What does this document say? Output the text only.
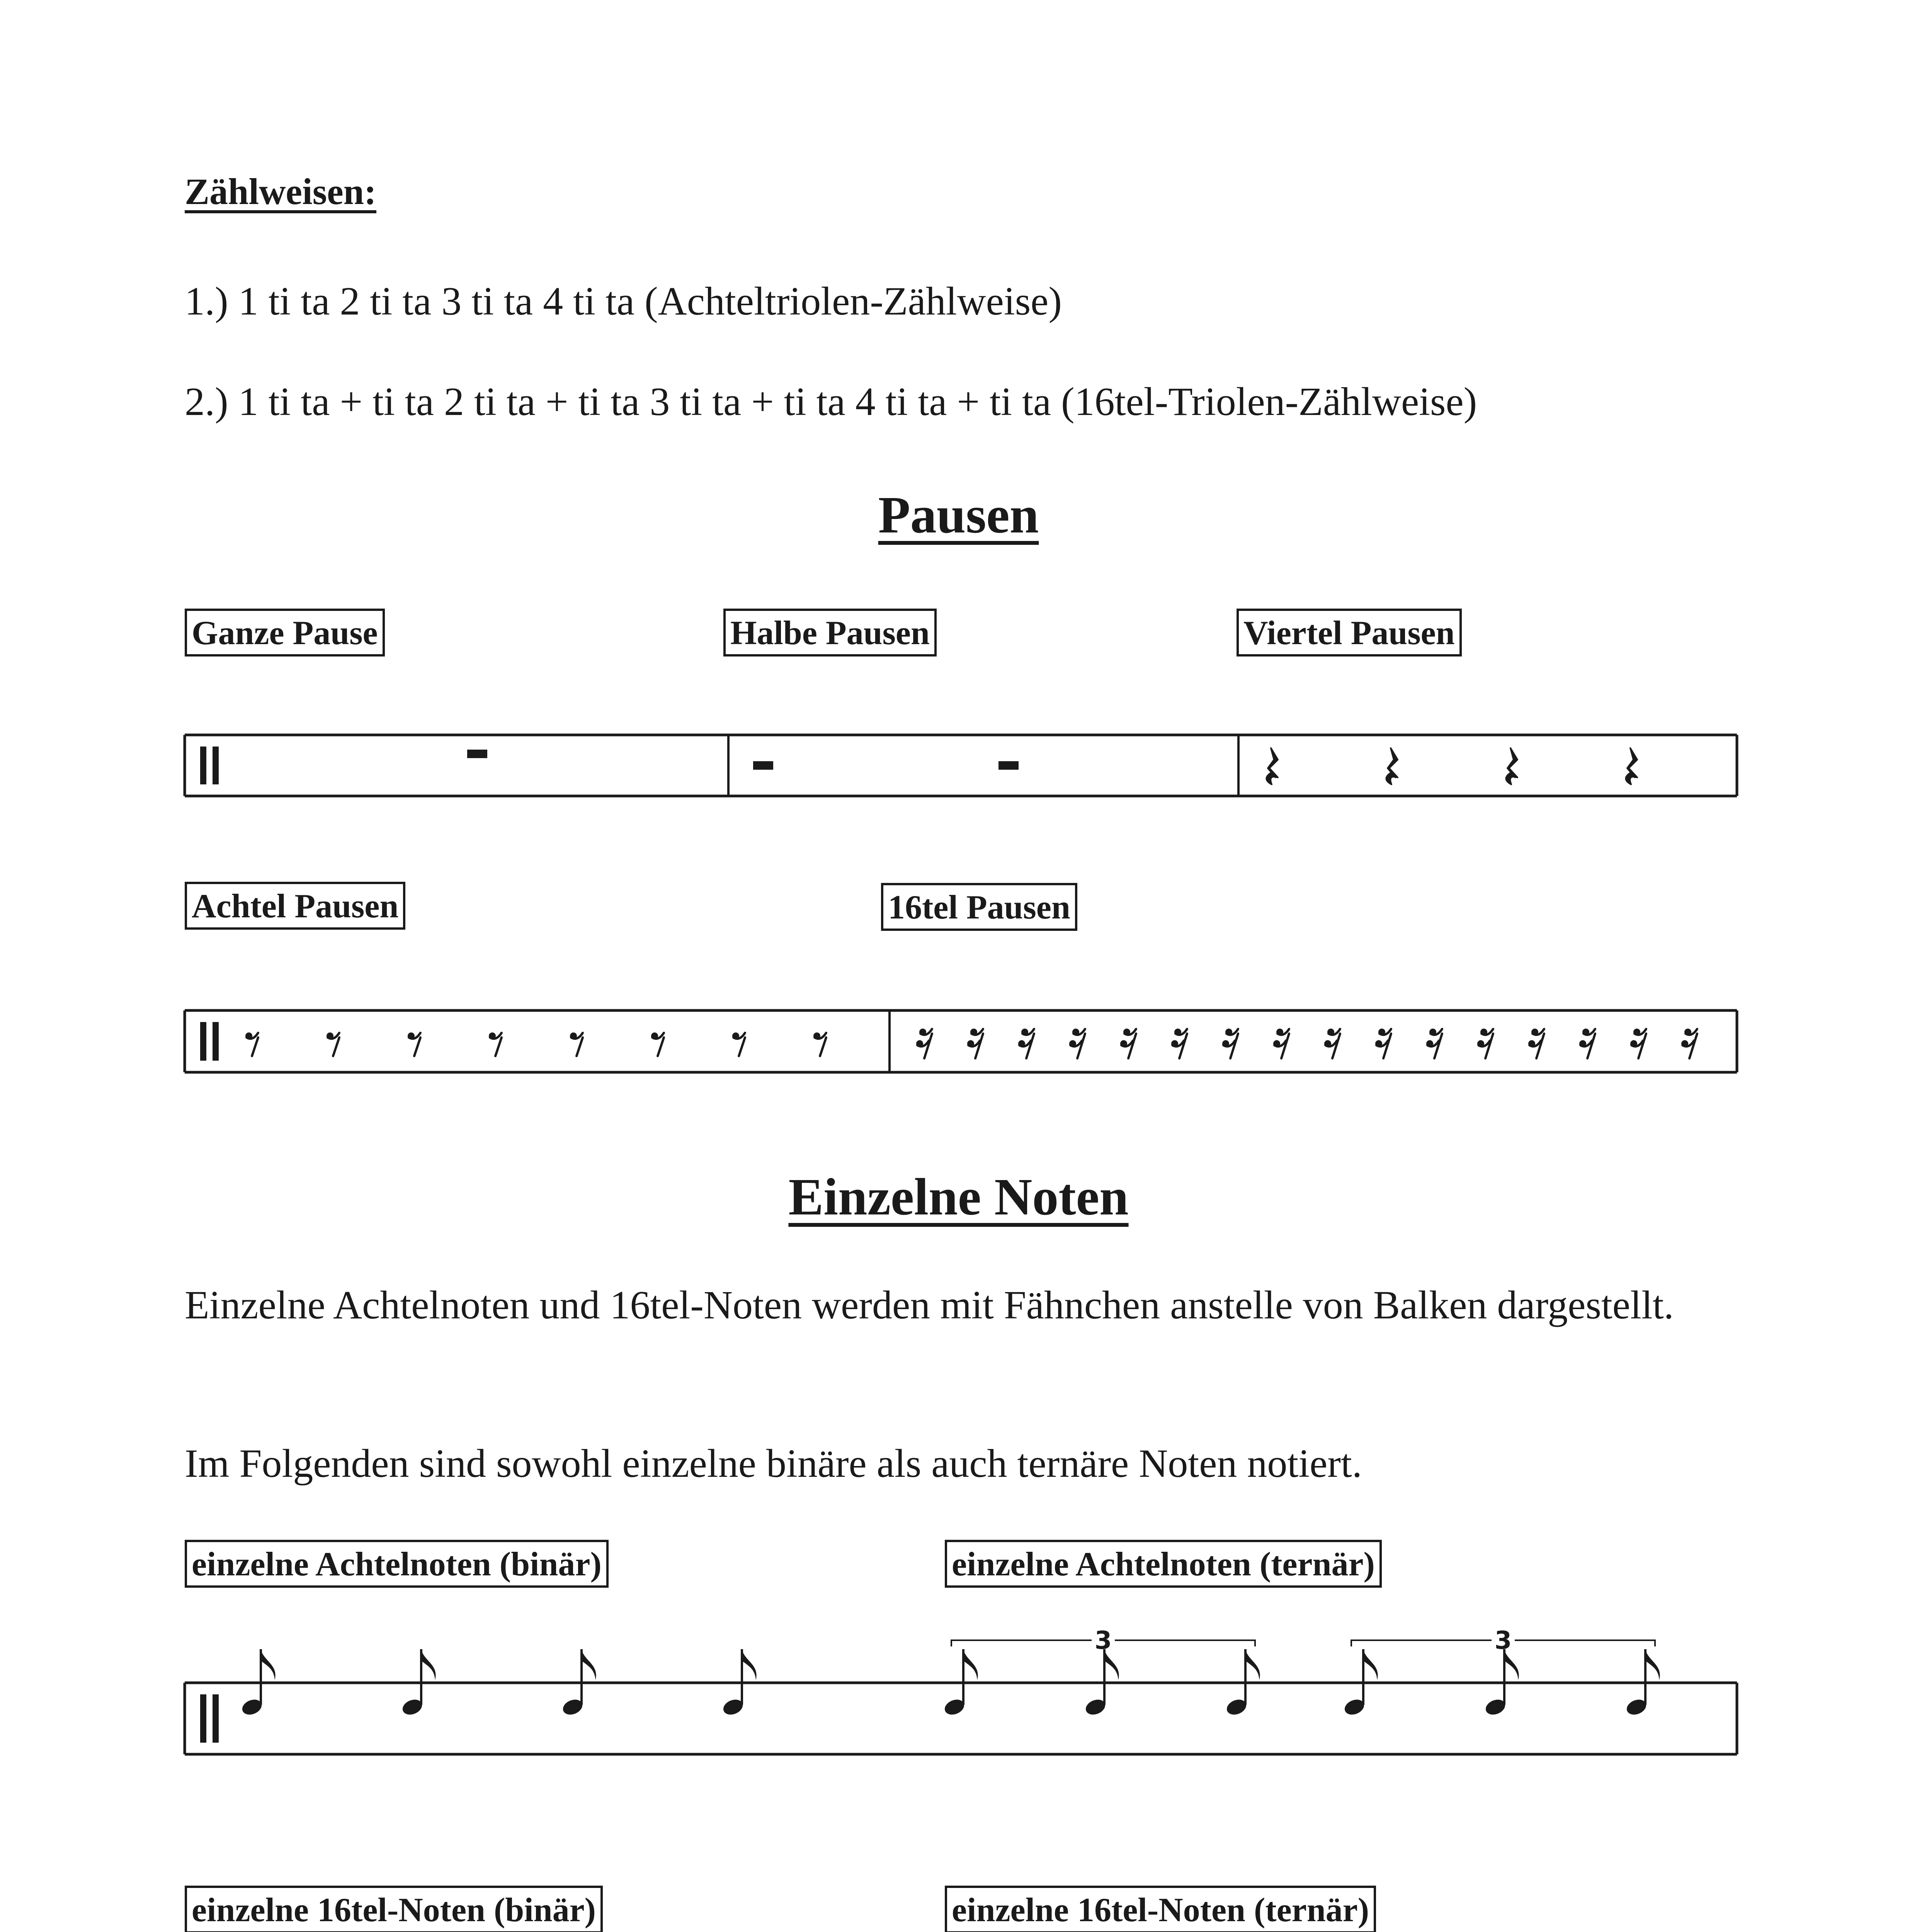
Zählweisen:
1.) 1 ti ta 2 ti ta 3 ti ta 4 ti ta (Achteltriolen-Zählweise)
2.) 1 ti ta + ti ta 2 ti ta + ti ta 3 ti ta + ti ta 4 ti ta + ti ta (16tel-Triolen-Zählweise)
Pausen
Ganze Pause	Halbe Pausen	Viertel Pausen
Achtel Pausen	16tel Pausen
Einzelne Noten
Einzelne Achtelnoten und 16tel-Noten werden mit Fähnchen anstelle von Balken dargestellt.
Im Folgenden sind sowohl einzelne binäre als auch ternäre Noten notiert.
einzelne Achtelnoten (binär)	einzelne Achtelnoten (ternär)
einzelne 16tel-Noten (binär)	einzelne 16tel-Noten (ternär)
3	3
